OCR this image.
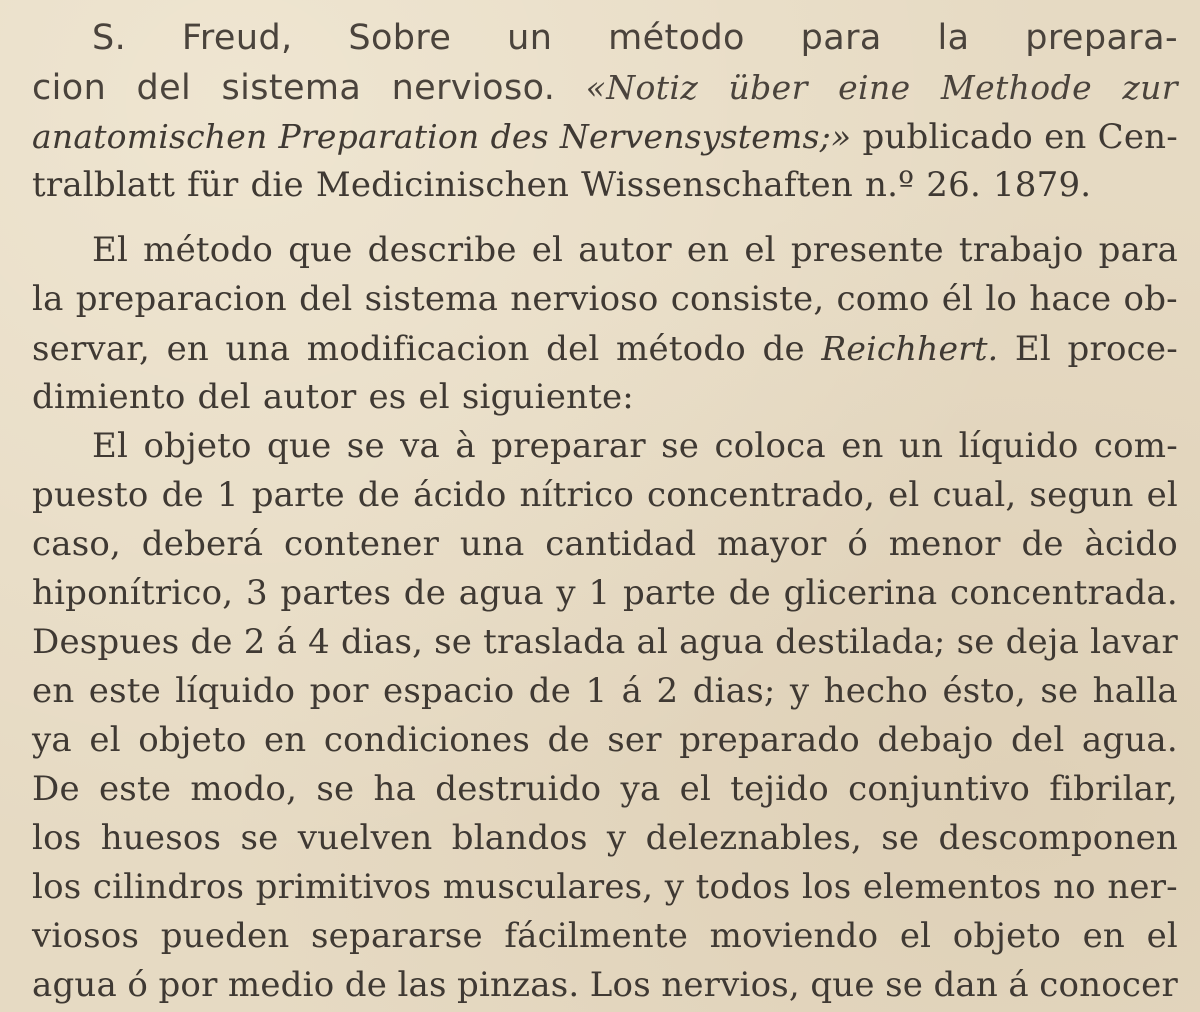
S. Freud, Sobre un método para la prepara-
cion del sistema nervioso. «Notiz über eine Methode zur
anatomischen Preparation des Nervensystems;» publicado en Cen-
tralblatt für die Medicinischen Wissenschaften n.º 26. 1879.
El método que describe el autor en el presente trabajo para
la preparacion del sistema nervioso consiste, como él lo hace ob-
servar, en una modificacion del método de Reichhert. El proce-
dimiento del autor es el siguiente:
El objeto que se va à preparar se coloca en un líquido com-
puesto de 1 parte de ácido nítrico concentrado, el cual, segun el
caso, deberá contener una cantidad mayor ó menor de àcido
hiponítrico, 3 partes de agua y 1 parte de glicerina concentrada.
Despues de 2 á 4 dias, se traslada al agua destilada; se deja lavar
en este líquido por espacio de 1 á 2 dias; y hecho ésto, se halla
ya el objeto en condiciones de ser preparado debajo del agua.
De este modo, se ha destruido ya el tejido conjuntivo fibrilar,
los huesos se vuelven blandos y deleznables, se descomponen
los cilindros primitivos musculares, y todos los elementos no ner-
viosos pueden separarse fácilmente moviendo el objeto en el
agua ó por medio de las pinzas. Los nervios, que se dan á conocer
